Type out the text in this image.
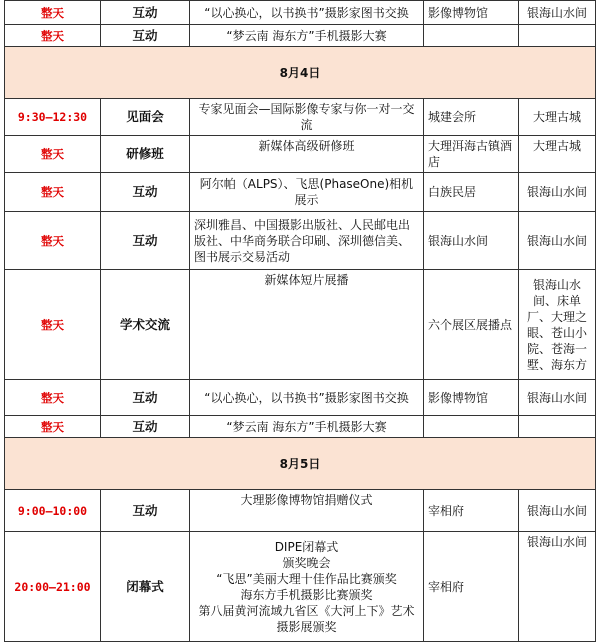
整天	互动	“以心换心，以书换书”摄影家图书交换	影像博物馆	银海山水间
整天	互动	“梦云南 海东方”手机摄影大赛		
8月4日				
9:30—12:30	见面会	专家见面会—国际影像专家与你一对一交流	城建会所	大理古城
整天	研修班	新媒体高级研修班	大理洱海古镇酒店	大理古城
整天	互动	阿尔帕（ALPS）、飞思(PhaseOne)相机展示	白族民居	银海山水间
整天	互动	深圳雅昌、中国摄影出版社、人民邮电出版社、中华商务联合印刷、深圳德信美、图书展示交易活动	银海山水间	银海山水间
整天	学术交流	新媒体短片展播	六个展区展播点	银海山水间、床单厂、大理之眼、苍山小院、苍海一墅、海东方
整天	互动	“以心换心，以书换书”摄影家图书交换	影像博物馆	银海山水间
整天	互动	“梦云南 海东方”手机摄影大赛		
8月5日				
9:00—10:00	互动	大理影像博物馆捐赠仪式	宰相府	银海山水间
20:00—21:00	闭幕式	DIPE闭幕式
颁奖晚会
“飞思”美丽大理十佳作品比赛颁奖
海东方手机摄影比赛颁奖
第八届黄河流域九省区《大河上下》艺术摄影展颁奖	宰相府	银海山水间
